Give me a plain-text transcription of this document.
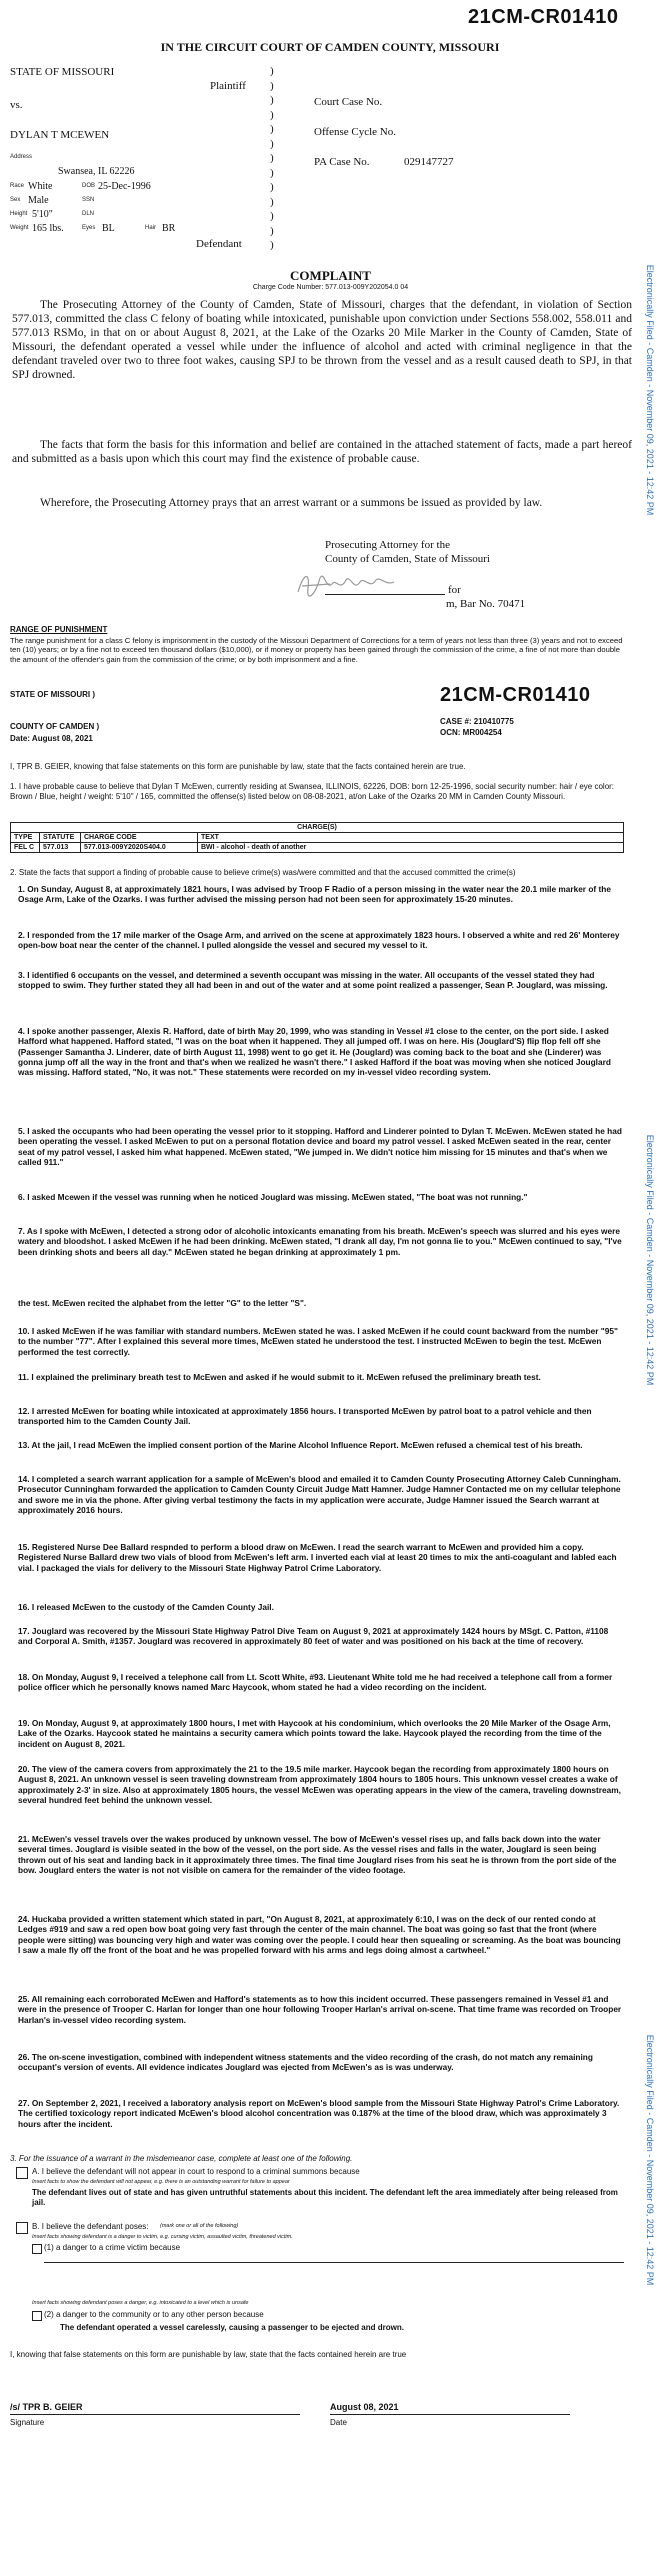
Electronically Filed - Camden - November 09, 2021 - 12:42 PM
Electronically Filed - Camden - November 09, 2021 - 12:42 PM
Electronically Filed - Camden - November 09, 2021 - 12:42 PM
21CM-CR01410
IN THE CIRCUIT COURT OF CAMDEN COUNTY, MISSOURI
STATE OF MISSOURI
Plaintiff
vs.
DYLAN T MCEWEN
Address
Swansea, IL 62226
Race White	DOB 25-Dec-1996
Sex Male	SSN
Height 5'10"	DLN
Weight 165 lbs.	Eyes BL	Hair BR
Defendant
)
)
)
)
)
)
)
)
)
)
)
)
)
Court Case No.
Offense Cycle No.
PA Case No.	029147727
COMPLAINT
Charge Code Number: 577.013-009Y202054.0 04

The Prosecuting Attorney of the County of Camden, State of Missouri, charges that the defendant, in violation of Section 577.013, committed the class C felony of boating while intoxicated, punishable upon conviction under Sections 558.002, 558.011 and 577.013 RSMo, in that on or about August 8, 2021, at the Lake of the Ozarks 20 Mile Marker in the County of Camden, State of Missouri, the defendant operated a vessel while under the influence of alcohol and acted with criminal negligence in that the defendant traveled over two to three foot wakes, causing SPJ to be thrown from the vessel and as a result caused death to SPJ, in that SPJ drowned.

The facts that form the basis for this information and belief are contained in the attached statement of facts, made a part hereof and submitted as a basis upon which this court may find the existence of probable cause.

Wherefore, the Prosecuting Attorney prays that an arrest warrant or a summons be issued as provided by law.

Prosecuting Attorney for the
County of Camden, State of Missouri
for
m, Bar No. 70471
RANGE OF PUNISHMENT

The range punishment for a class C felony is imprisonment in the custody of the Missouri Department of Corrections for a term of years not less than three (3) years and not to exceed ten (10) years; or by a fine not to exceed ten thousand dollars ($10,000), or if money or property has been gained through the commission of the crime, a fine of not more than double the amount of the offender's gain from the commission of the crime; or by both imprisonment and a fine.

STATE OF MISSOURI )	21CM-CR01410
COUNTY OF CAMDEN )
CASE #: 210410775
OCN: MR004254
Date: August 08, 2021

I, TPR B. GEIER, knowing that false statements on this form are punishable by law, state that the facts contained herein are true.

1. I have probable cause to believe that Dylan T McEwen, currently residing at Swansea, ILLINOIS, 62226, DOB: born 12-25-1996, social security number: hair / eye color: Brown / Blue, height / weight: 5'10" / 165, committed the offense(s) listed below on 08-08-2021, at/on Lake of the Ozarks 20 MM in Camden County Missouri.

CHARGE(S)			
TYPE	STATUTE	CHARGE CODE	TEXT
FEL C	577.013	577.013-009Y2020S404.0	BWI - alcohol - death of another

2. State the facts that support a finding of probable cause to believe crime(s) was/were committed and that the accused committed the crime(s)

1. On Sunday, August 8, at approximately 1821 hours, I was advised by Troop F Radio of a person missing in the water near the 20.1 mile marker of the Osage Arm, Lake of the Ozarks. I was further advised the missing person had not been seen for approximately 15-20 minutes.

2. I responded from the 17 mile marker of the Osage Arm, and arrived on the scene at approximately 1823 hours. I observed a white and red 26' Monterey open-bow boat near the center of the channel. I pulled alongside the vessel and secured my vessel to it.

3. I identified 6 occupants on the vessel, and determined a seventh occupant was missing in the water. All occupants of the vessel stated they had stopped to swim. They further stated they all had been in and out of the water and at some point realized a passenger, Sean P. Jouglard, was missing.

4. I spoke another passenger, Alexis R. Hafford, date of birth May 20, 1999, who was standing in Vessel #1 close to the center, on the port side. I asked Hafford what happened. Hafford stated, "I was on the boat when it happened. They all jumped off. I was on here. His (Jouglard'S) flip flop fell off she (Passenger Samantha J. Linderer, date of birth August 11, 1998) went to go get it. He (Jouglard) was coming back to the boat and she (Linderer) was gonna jump off all the way in the front and that's when we realized he wasn't there." I asked Hafford if the boat was moving when she noticed Jouglard was missing. Hafford stated, "No, it was not." These statements were recorded on my in-vessel video recording system.

5. I asked the occupants who had been operating the vessel prior to it stopping. Hafford and Linderer pointed to Dylan T. McEwen. McEwen stated he had been operating the vessel. I asked McEwen to put on a personal flotation device and board my patrol vessel. I asked McEwen seated in the rear, center seat of my patrol vessel, I asked him what happened. McEwen stated, "We jumped in. We didn't notice him missing for 15 minutes and that's when we called 911."

6. I asked Mcewen if the vessel was running when he noticed Jouglard was missing. McEwen stated, "The boat was not running."

7. As I spoke with McEwen, I detected a strong odor of alcoholic intoxicants emanating from his breath. McEwen's speech was slurred and his eyes were watery and bloodshot. I asked McEwen if he had been drinking. McEwen stated, "I drank all day, I'm not gonna lie to you." McEwen continued to say, "I've been drinking shots and beers all day." McEwen stated he began drinking at approximately 1 pm.

the test. McEwen recited the alphabet from the letter "G" to the letter "S".

10. I asked McEwen if he was familiar with standard numbers. McEwen stated he was. I asked McEwen if he could count backward from the number "95" to the number "77". After I explained this several more times, McEwen stated he understood the test. I instructed McEwen to begin the test. McEwen performed the test correctly.

11. I explained the preliminary breath test to McEwen and asked if he would submit to it. McEwen refused the preliminary breath test.

12. I arrested McEwen for boating while intoxicated at approximately 1856 hours. I transported McEwen by patrol boat to a patrol vehicle and then transported him to the Camden County Jail.

13. At the jail, I read McEwen the implied consent portion of the Marine Alcohol Influence Report. McEwen refused a chemical test of his breath.

14. I completed a search warrant application for a sample of McEwen's blood and emailed it to Camden County Prosecuting Attorney Caleb Cunningham. Prosecutor Cunningham forwarded the application to Camden County Circuit Judge Matt Hamner. Judge Hamner Contacted me on my cellular telephone and swore me in via the phone. After giving verbal testimony the facts in my application were accurate, Judge Hamner issued the Search warrant at approximately 2016 hours.

15. Registered Nurse Dee Ballard respnded to perform a blood draw on McEwen. I read the search warrant to McEwen and provided him a copy. Registered Nurse Ballard drew two vials of blood from McEwen's left arm. I inverted each vial at least 20 times to mix the anti-coagulant and labled each vial. I packaged the vials for delivery to the Missouri State Highway Patrol Crime Laboratory.

16. I released McEwen to the custody of the Camden County Jail.

17. Jouglard was recovered by the Missouri State Highway Patrol Dive Team on August 9, 2021 at approximately 1424 hours by MSgt. C. Patton, #1108 and Corporal A. Smith, #1357. Jouglard was recovered in approximately 80 feet of water and was positioned on his back at the time of recovery.

18. On Monday, August 9, I received a telephone call from Lt. Scott White, #93. Lieutenant White told me he had received a telephone call from a former police officer which he personally knows named Marc Haycook, whom stated he had a video recording on the incident.

19. On Monday, August 9, at approximately 1800 hours, I met with Haycook at his condominium, which overlooks the 20 Mile Marker of the Osage Arm, Lake of the Ozarks. Haycook stated he maintains a security camera which points toward the lake. Haycook played the recording from the time of the incident on August 8, 2021.

20. The view of the camera covers from approximately the 21 to the 19.5 mile marker. Haycook began the recording from approximately 1800 hours on August 8, 2021. An unknown vessel is seen traveling downstream from approximately 1804 hours to 1805 hours. This unknown vessel creates a wake of approximately 2-3' in size. Also at approximately 1805 hours, the vessel McEwen was operating appears in the view of the camera, traveling downstream, several hundred feet behind the unknown vessel.

21. McEwen's vessel travels over the wakes produced by unknown vessel. The bow of McEwen's vessel rises up, and falls back down into the water several times. Jouglard is visible seated in the bow of the vessel, on the port side. As the vessel rises and falls in the water, Jouglard is seen being thrown out of his seat and landing back in it approximately three times. The final time Jouglard rises from his seat he is thrown from the port side of the bow. Jouglard enters the water is not not visible on camera for the remainder of the video footage.

24. Huckaba provided a written statement which stated in part, "On August 8, 2021, at approximately 6:10, I was on the deck of our rented condo at Ledges #919 and saw a red open bow boat going very fast through the center of the main channel. The boat was going so fast that the front (where people were sitting) was bouncing very high and water was coming over the people. I could hear then squealing or screaming. As the boat was bouncing I saw a male fly off the front of the boat and he was propelled forward with his arms and legs doing almost a cartwheel."

25. All remaining each corroborated McEwen and Hafford's statements as to how this incident occurred. These passengers remained in Vessel #1 and were in the presence of Trooper C. Harlan for longer than one hour following Trooper Harlan's arrival on-scene. That time frame was recorded on Trooper Harlan's in-vessel video recording system.

26. The on-scene investigation, combined with independent witness statements and the video recording of the crash, do not match any remaining occupant's version of events. All evidence indicates Jouglard was ejected from McEwen's as is was underway.

27. On September 2, 2021, I received a laboratory analysis report on McEwen's blood sample from the Missouri State Highway Patrol's Crime Laboratory. The certified toxicology report indicated McEwen's blood alcohol concentration was 0.187% at the time of the blood draw, which was approximately 3 hours after the incident.

3. For the issuance of a warrant in the misdemeanor case, complete at least one of the following.

A. I believe the defendant will not appear in court to respond to a criminal summons because
Insert facts to show the defendant will not appear, e.g. there is an outstanding warrant for failure to appear

The defendant lives out of state and has given untruthful statements about this incident. The defendant left the area immediately after being released from jail.

B. I believe the defendant poses: (mark one or all of the following)
Insert facts showing defendant is a danger to victim, e.g. cursing victim, assaulted victim, threatened victim.
(1) a danger to a crime victim because
Insert facts showing defendant poses a danger, e.g. intoxicated to a level which is unsafe
(2) a danger to the community or to any other person because
The defendant operated a vessel carelessly, causing a passenger to be ejected and drown.
I, knowing that false statements on this form are punishable by law, state that the facts contained herein are true
/s/ TPR B. GEIER
Signature
August 08, 2021
Date
